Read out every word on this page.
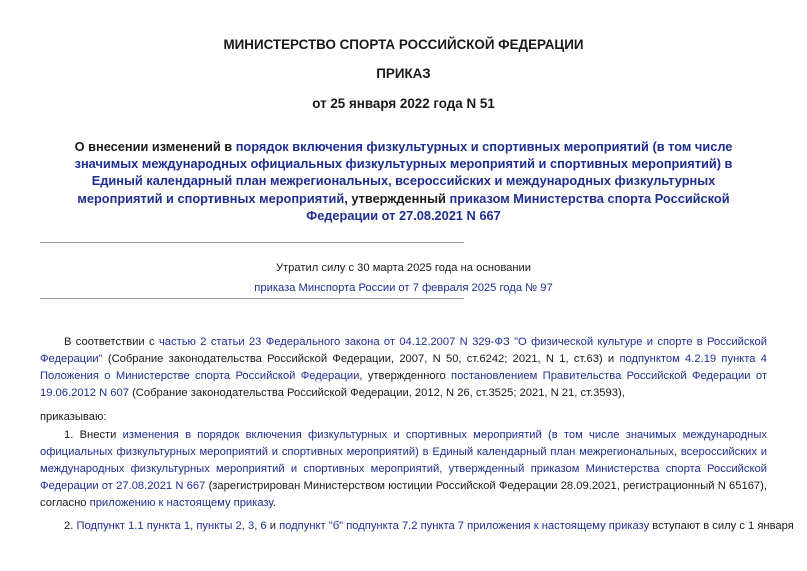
МИНИСТЕРСТВО СПОРТА РОССИЙСКОЙ ФЕДЕРАЦИИ
ПРИКАЗ
от 25 января 2022 года N 51
О внесении изменений в порядок включения физкультурных и спортивных мероприятий (в том числе значимых международных официальных физкультурных мероприятий и спортивных мероприятий) в Единый календарный план межрегиональных, всероссийских и международных физкультурных мероприятий и спортивных мероприятий, утвержденный приказом Министерства спорта Российской Федерации от 27.08.2021 N 667
Утратил силу с 30 марта 2025 года на основании
приказа Минспорта России от 7 февраля 2025 года № 97
В соответствии с частью 2 статьи 23 Федерального закона от 04.12.2007 N 329-ФЗ "О физической культуре и спорте в Российской Федерации" (Собрание законодательства Российской Федерации, 2007, N 50, ст.6242; 2021, N 1, ст.63) и подпунктом 4.2.19 пункта 4 Положения о Министерстве спорта Российской Федерации, утвержденного постановлением Правительства Российской Федерации от 19.06.2012 N 607 (Собрание законодательства Российской Федерации, 2012, N 26, ст.3525; 2021, N 21, ст.3593),
приказываю:
1. Внести изменения в порядок включения физкультурных и спортивных мероприятий (в том числе значимых международных официальных физкультурных мероприятий и спортивных мероприятий) в Единый календарный план межрегиональных, всероссийских и международных физкультурных мероприятий и спортивных мероприятий, утвержденный приказом Министерства спорта Российской Федерации от 27.08.2021 N 667 (зарегистрирован Министерством юстиции Российской Федерации 28.09.2021, регистрационный N 65167), согласно приложению к настоящему приказу.
2. Подпункт 1.1 пункта 1, пункты 2, 3, 6 и подпункт "б" подпункта 7.2 пункта 7 приложения к настоящему приказу вступают в силу с 1 января
